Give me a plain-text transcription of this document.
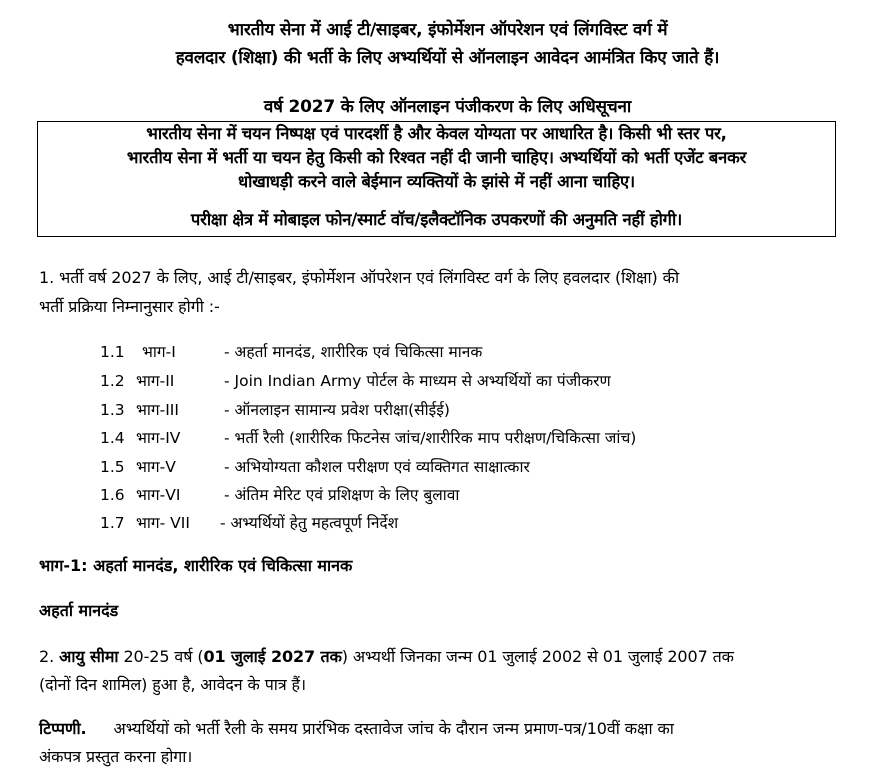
भारतीय सेना में आई टी/साइबर, इंफोर्मेशन ऑपरेशन एवं लिंगविस्ट वर्ग में
हवलदार (शिक्षा) की भर्ती के लिए अभ्यर्थियों से ऑनलाइन आवेदन आमंत्रित किए जाते हैं।
वर्ष 2027 के लिए ऑनलाइन पंजीकरण के लिए अधिसूचना
भारतीय सेना में चयन निष्पक्ष एवं पारदर्शी है और केवल योग्यता पर आधारित है। किसी भी स्तर पर,
भारतीय सेना में भर्ती या चयन हेतु किसी को रिश्वत नहीं दी जानी चाहिए। अभ्यर्थियों को भर्ती एजेंट बनकर
धोखाधड़ी करने वाले बेईमान व्यक्तियों के झांसे में नहीं आना चाहिए।
परीक्षा क्षेत्र में मोबाइल फोन/स्मार्ट वॉच/इलैक्टॉनिक उपकरणों की अनुमति नहीं होगी।
1. भर्ती वर्ष 2027 के लिए, आई टी/साइबर, इंफोर्मेशन ऑपरेशन एवं लिंगविस्ट वर्ग के लिए हवलदार (शिक्षा) की
भर्ती प्रक्रिया निम्नानुसार होगी :-
1.1 भाग-I	- अहर्ता मानदंड, शारीरिक एवं चिकित्सा मानक
1.2 भाग-II	- Join Indian Army पोर्टल के माध्यम से अभ्यर्थियों का पंजीकरण
1.3 भाग-III	- ऑनलाइन सामान्य प्रवेश परीक्षा(सीईई)
1.4 भाग-IV	- भर्ती रैली (शारीरिक फिटनेस जांच/शारीरिक माप परीक्षण/चिकित्सा जांच)
1.5 भाग-V	- अभियोग्यता कौशल परीक्षण एवं व्यक्तिगत साक्षात्कार
1.6 भाग-VI	- अंतिम मेरिट एवं प्रशिक्षण के लिए बुलावा
1.7 भाग- VII - अभ्यर्थियों हेतु महत्वपूर्ण निर्देश
भाग-1: अहर्ता मानदंड, शारीरिक एवं चिकित्सा मानक
अहर्ता मानदंड
2. आयु सीमा 20-25 वर्ष (01 जुलाई 2027 तक) अभ्यर्थी जिनका जन्म 01 जुलाई 2002 से 01 जुलाई 2007 तक
(दोनों दिन शामिल) हुआ है, आवेदन के पात्र हैं।
टिप्पणी. अभ्यर्थियों को भर्ती रैली के समय प्रारंभिक दस्तावेज जांच के दौरान जन्म प्रमाण-पत्र/10वीं कक्षा का
अंकपत्र प्रस्तुत करना होगा।
